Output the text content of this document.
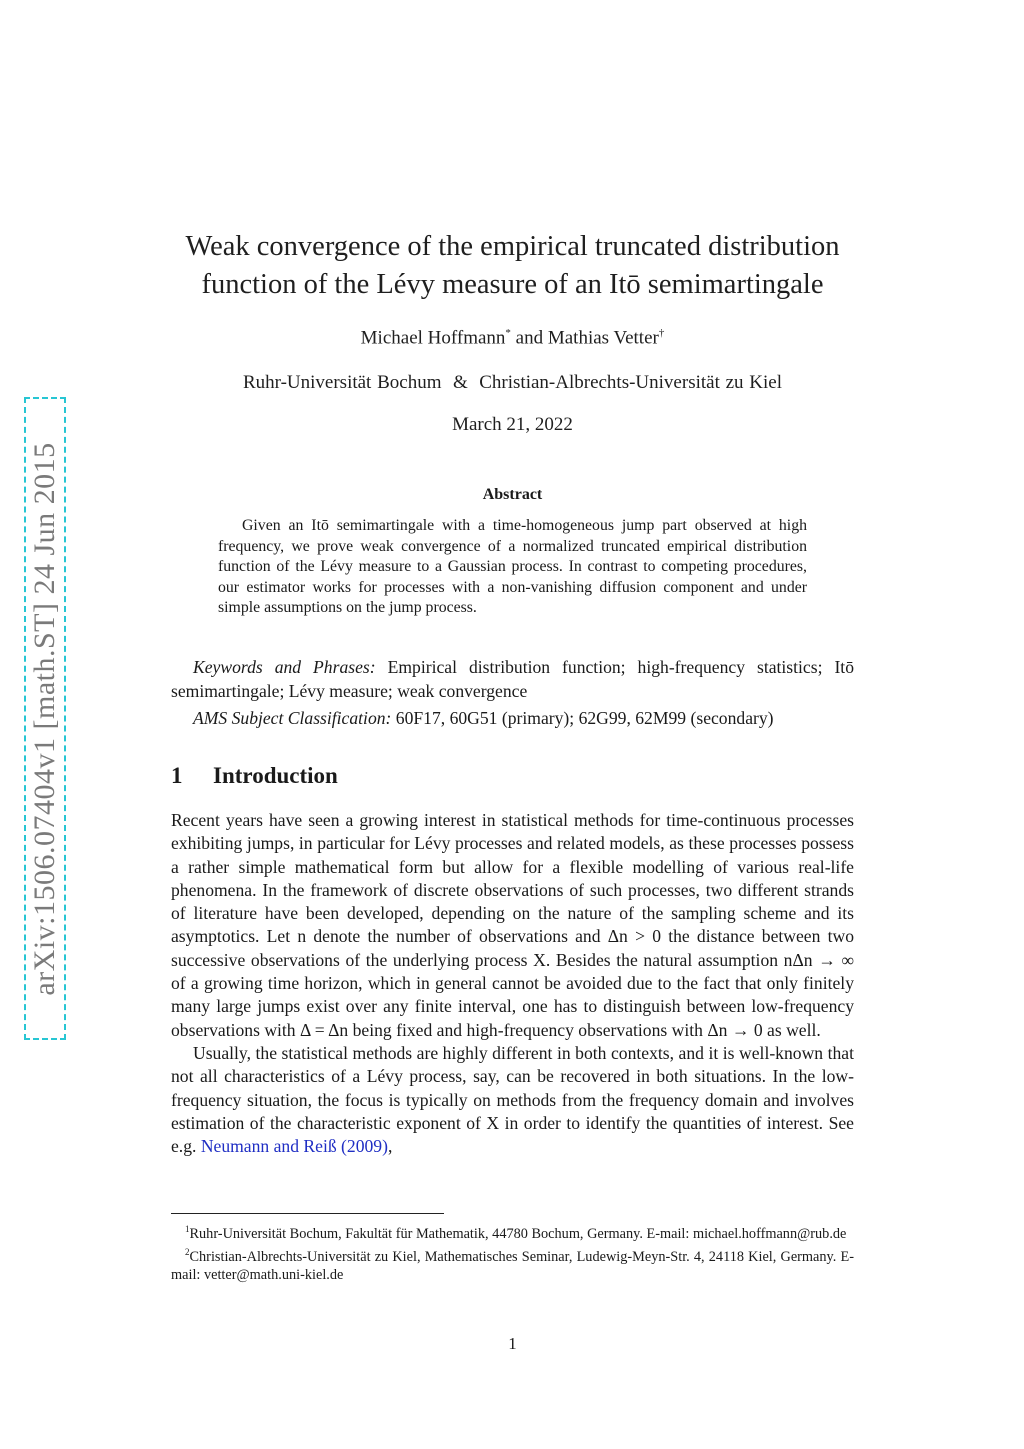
arXiv:1506.07404v1 [math.ST] 24 Jun 2015
Weak convergence of the empirical truncated distribution
function of the Lévy measure of an Itō semimartingale
Michael Hoffmann* and Mathias Vetter†
Ruhr-Universität Bochum  &  Christian-Albrechts-Universität zu Kiel
March 21, 2022
Abstract

Given an Itō semimartingale with a time-homogeneous jump part observed at high frequency, we prove weak convergence of a normalized truncated empirical distribution function of the Lévy measure to a Gaussian process. In contrast to competing procedures, our estimator works for processes with a non-vanishing diffusion component and under simple assumptions on the jump process.

Keywords and Phrases: Empirical distribution function; high-frequency statistics; Itō semimartingale; Lévy measure; weak convergence

AMS Subject Classification: 60F17, 60G51 (primary); 62G99, 62M99 (secondary)

1 Introduction

Recent years have seen a growing interest in statistical methods for time-continuous processes exhibiting jumps, in particular for Lévy processes and related models, as these processes possess a rather simple mathematical form but allow for a flexible modelling of various real-life phenomena. In the framework of discrete observations of such processes, two different strands of literature have been developed, depending on the nature of the sampling scheme and its asymptotics. Let n denote the number of observations and Δn > 0 the distance between two successive observations of the underlying process X. Besides the natural assumption nΔn → ∞ of a growing time horizon, which in general cannot be avoided due to the fact that only finitely many large jumps exist over any finite interval, one has to distinguish between low-frequency observations with Δ = Δn being fixed and high-frequency observations with Δn → 0 as well.

Usually, the statistical methods are highly different in both contexts, and it is well-known that not all characteristics of a Lévy process, say, can be recovered in both situations. In the low-frequency situation, the focus is typically on methods from the frequency domain and involves estimation of the characteristic exponent of X in order to identify the quantities of interest. See e.g. Neumann and Reiß (2009),

$^1$Ruhr-Universität Bochum, Fakultät für Mathematik, 44780 Bochum, Germany. E-mail: michael.hoffmann@rub.de

$^2$Christian-Albrechts-Universität zu Kiel, Mathematisches Seminar, Ludewig-Meyn-Str. 4, 24118 Kiel, Germany. E-mail: vetter@math.uni-kiel.de

1
